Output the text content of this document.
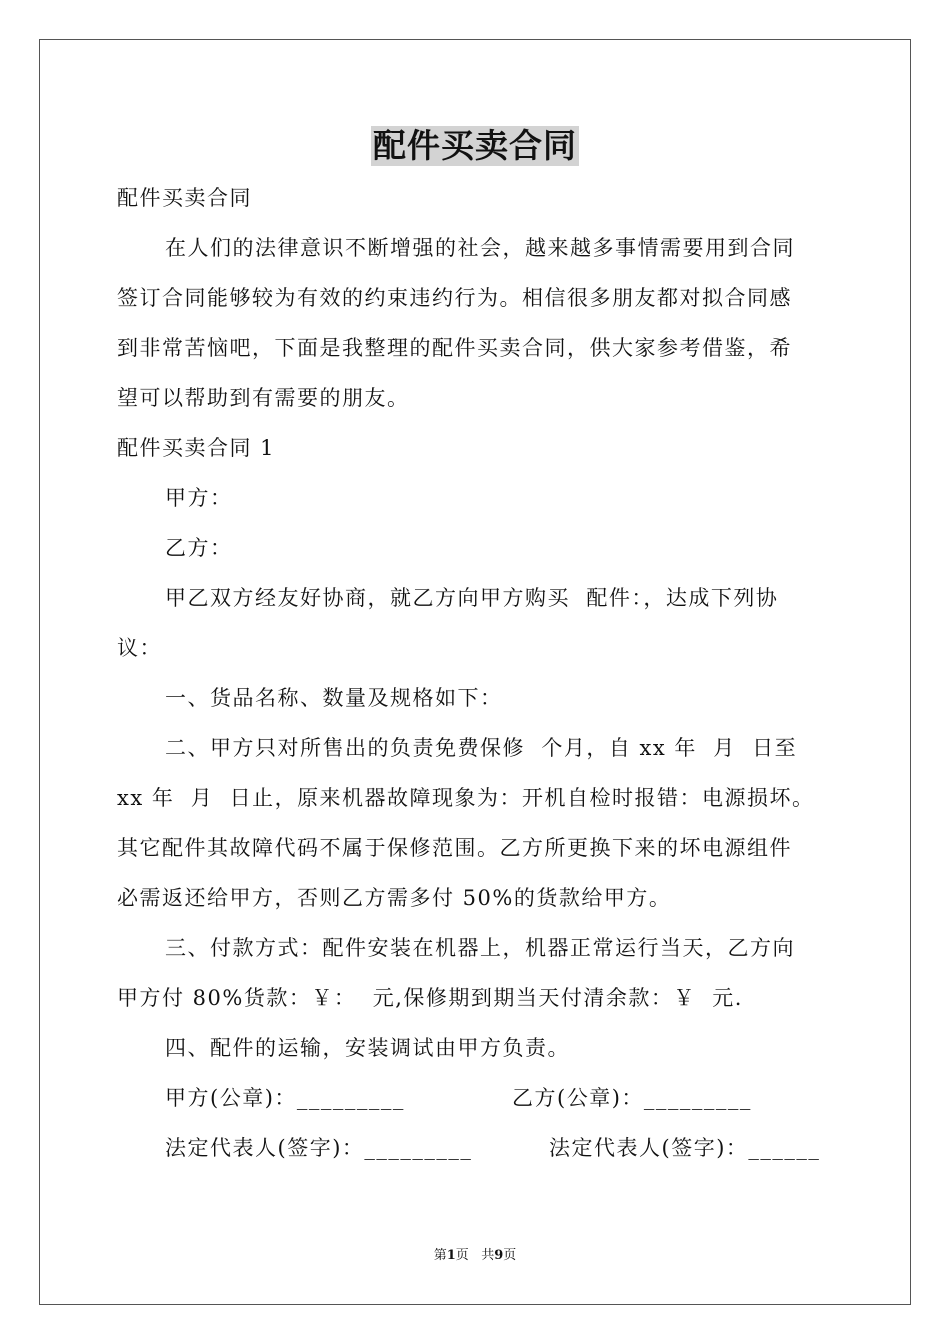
配件买卖合同
配件买卖合同
在人们的法律意识不断增强的社会，越来越多事情需要用到合同
签订合同能够较为有效的约束违约行为。相信很多朋友都对拟合同感
到非常苦恼吧，下面是我整理的配件买卖合同，供大家参考借鉴，希
望可以帮助到有需要的朋友。
配件买卖合同 1
甲方：
乙方：
甲乙双方经友好协商，就乙方向甲方购买  配件：，达成下列协
议：
一、货品名称、数量及规格如下：
二、甲方只对所售出的负责免费保修  个月，自 xx 年  月  日至
xx 年  月  日止，原来机器故障现象为：开机自检时报错：电源损坏。
其它配件其故障代码不属于保修范围。乙方所更换下来的坏电源组件
必需返还给甲方，否则乙方需多付 50%的货款给甲方。
三、付款方式：配件安装在机器上，机器正常运行当天，乙方向
甲方付 80%货款：￥：  元,保修期到期当天付清余款：￥  元.
四、配件的运输，安装调试由甲方负责。
甲方(公章)：_________	乙方(公章)：_________
法定代表人(签字)：_________	法定代表人(签字)：______
第1页 共9页
